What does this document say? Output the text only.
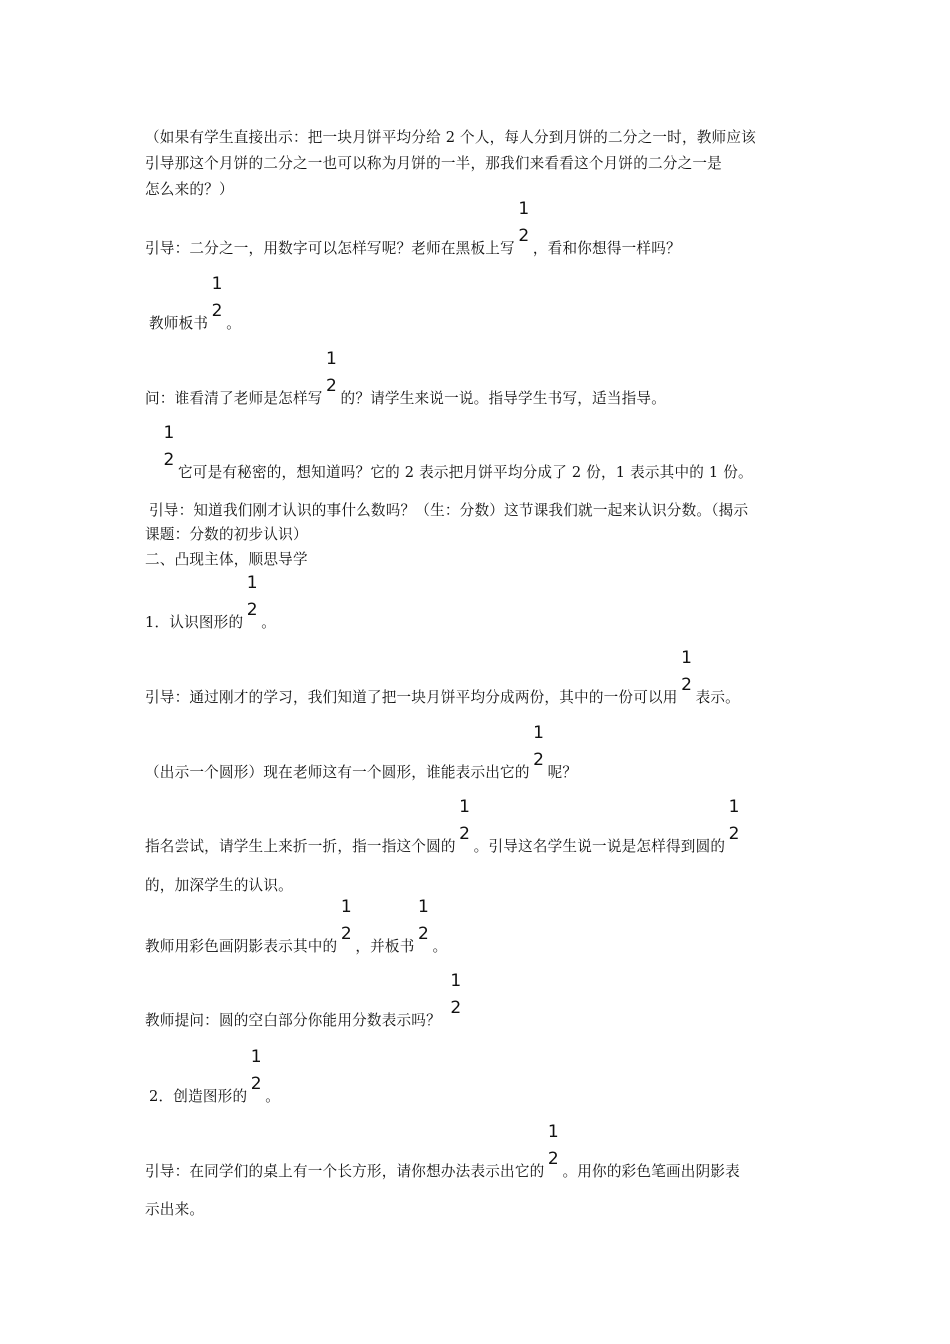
（如果有学生直接出示：把一块月饼平均分给 2 个人，每人分到月饼的二分之一时，教师应该
引导那这个月饼的二分之一也可以称为月饼的一半，那我们来看看这个月饼的二分之一是
怎么来的？）
引导：二分之一，用数字可以怎样写呢？老师在黑板上写
1
2
，看和你想得一样吗？
教师板书
1
2
。
问：谁看清了老师是怎样写
1
2
的？请学生来说一说。指导学生书写，适当指导。
1
2
它可是有秘密的，想知道吗？它的 2 表示把月饼平均分成了 2 份，1 表示其中的 1 份。
引导：知道我们刚才认识的事什么数吗？（生：分数）这节课我们就一起来认识分数。（揭示
课题：分数的初步认识）
二、凸现主体，顺思导学
1．认识图形的
1
2
。
引导：通过刚才的学习，我们知道了把一块月饼平均分成两份，其中的一份可以用
1
2
表示。
（出示一个圆形）现在老师这有一个圆形，谁能表示出它的
1
2
呢？
指名尝试，请学生上来折一折，指一指这个圆的
1
2
。引导这名学生说一说是怎样得到圆的
1
2
的，加深学生的认识。
教师用彩色画阴影表示其中的
1
2
，并板书
1
2
。
教师提问：圆的空白部分你能用分数表示吗？
1
2
2．创造图形的
1
2
。
引导：在同学们的桌上有一个长方形，请你想办法表示出它的
1
2
。用你的彩色笔画出阴影表
示出来。
